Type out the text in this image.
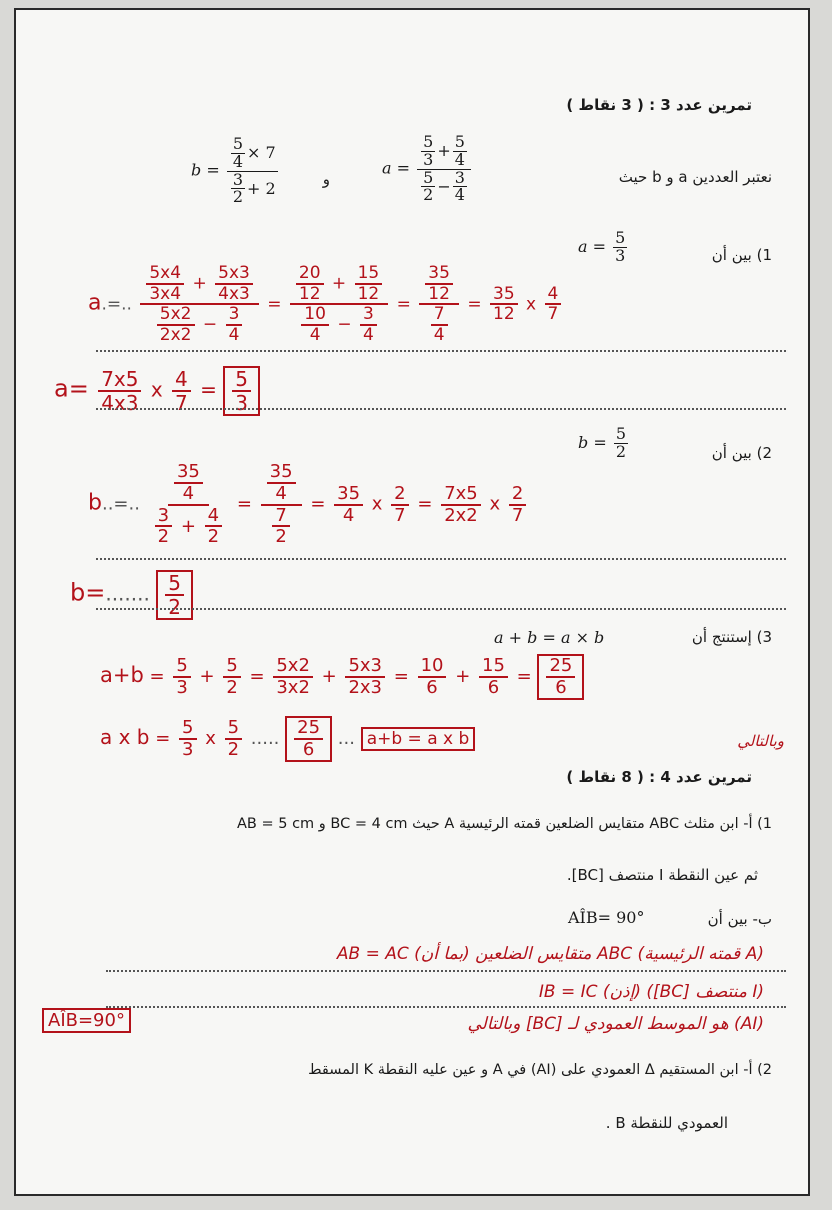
تمرين عدد 3 : ( 3 نقاط )
نعتبر العددين a و b حيث
$a = \frac{\frac{5}{3} + \frac{5}{4}}{\frac{5}{2} - \frac{3}{4}}$
و
$b = \frac{\frac{5}{4} \times 7}{\frac{3}{2} + 2}$
1) بين أن
$a = \frac{5}{3}$
a.=.. $\frac{\frac{5x4}{3x4} + \frac{5x3}{4x3}}{\frac{5x2}{2x2} - \frac{3}{4}} = \frac{\frac{20}{12} + \frac{15}{12}}{\frac{10}{4} - \frac{3}{4}} = \frac{\frac{35}{12}}{\frac{7}{4}} = \frac{35}{12}$ x $\frac{4}{7}$
$a= \frac{7x5}{4x3}$ x $\frac{4}{7} = \frac{5}{3}$
2) بين أن
$b = \frac{5}{2}$
b..=.. $\frac{\frac{35}{4}}{\frac{3}{2} + \frac{4}{2}} = \frac{\frac{35}{4}}{\frac{7}{2}} = \frac{35}{4}$ x $\frac{2}{7} = \frac{7x5}{2x2}$ x $\frac{2}{7}$
b=....... $\frac{5}{2}$
3) إستنتج أن
a + b = a × b
$a+b = \frac{5}{3} + \frac{5}{2} = \frac{5x2}{3x2} + \frac{5x3}{2x3} = \frac{10}{6} + \frac{15}{6} = \frac{25}{6}$
a x $b = \frac{5}{3}$ x $\frac{5}{2}$ ..... $\frac{25}{6}$ ... a+b = a x b	وبالتالي
تمرين عدد 4 : ( 8 نقاط )
1) أ- ابن مثلث ABC متقايس الضلعين قمته الرئيسية A حيث BC = 4 cm و AB = 5 cm
ثم عين النقطة I منتصف [BC].
ب- بين أن
AÎB= 90°
(A قمته الرئيسية) ABC متقايس الضلعين (بما أن) AB = AC
(I منتصف [BC]) (إذن) IB = IC
(AI) هو الموسط العمودي لـ [BC] وبالتالي
AÎB=90°
2) أ- ابن المستقيم Δ العمودي على (AI) في A و عين عليه النقطة K المسقط
العمودي للنقطة B .
